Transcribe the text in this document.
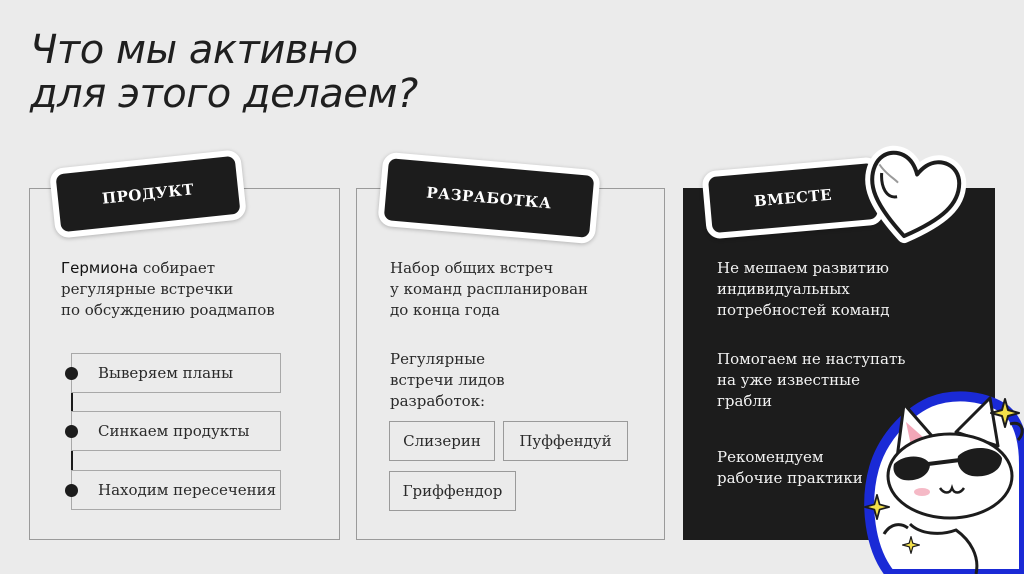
Что мы активно
для этого делаем?

Гермиона собирает
регулярные встречки
по обсуждению роадмапов

Выверяем планы
Синкаем продукты
Находим пересечения
ПРОДУКТ

Набор общих встреч
у команд распланирован
до конца года

Регулярные
встречи лидов
разработок:

Слизерин	Пуффендуй
Гриффендор
РАЗРАБОТКА

Не мешаем развитию
индивидуальных
потребностей команд

Помогаем не наступать
на уже известные
грабли

Рекомендуем
рабочие практики

ВМЕСТЕ
